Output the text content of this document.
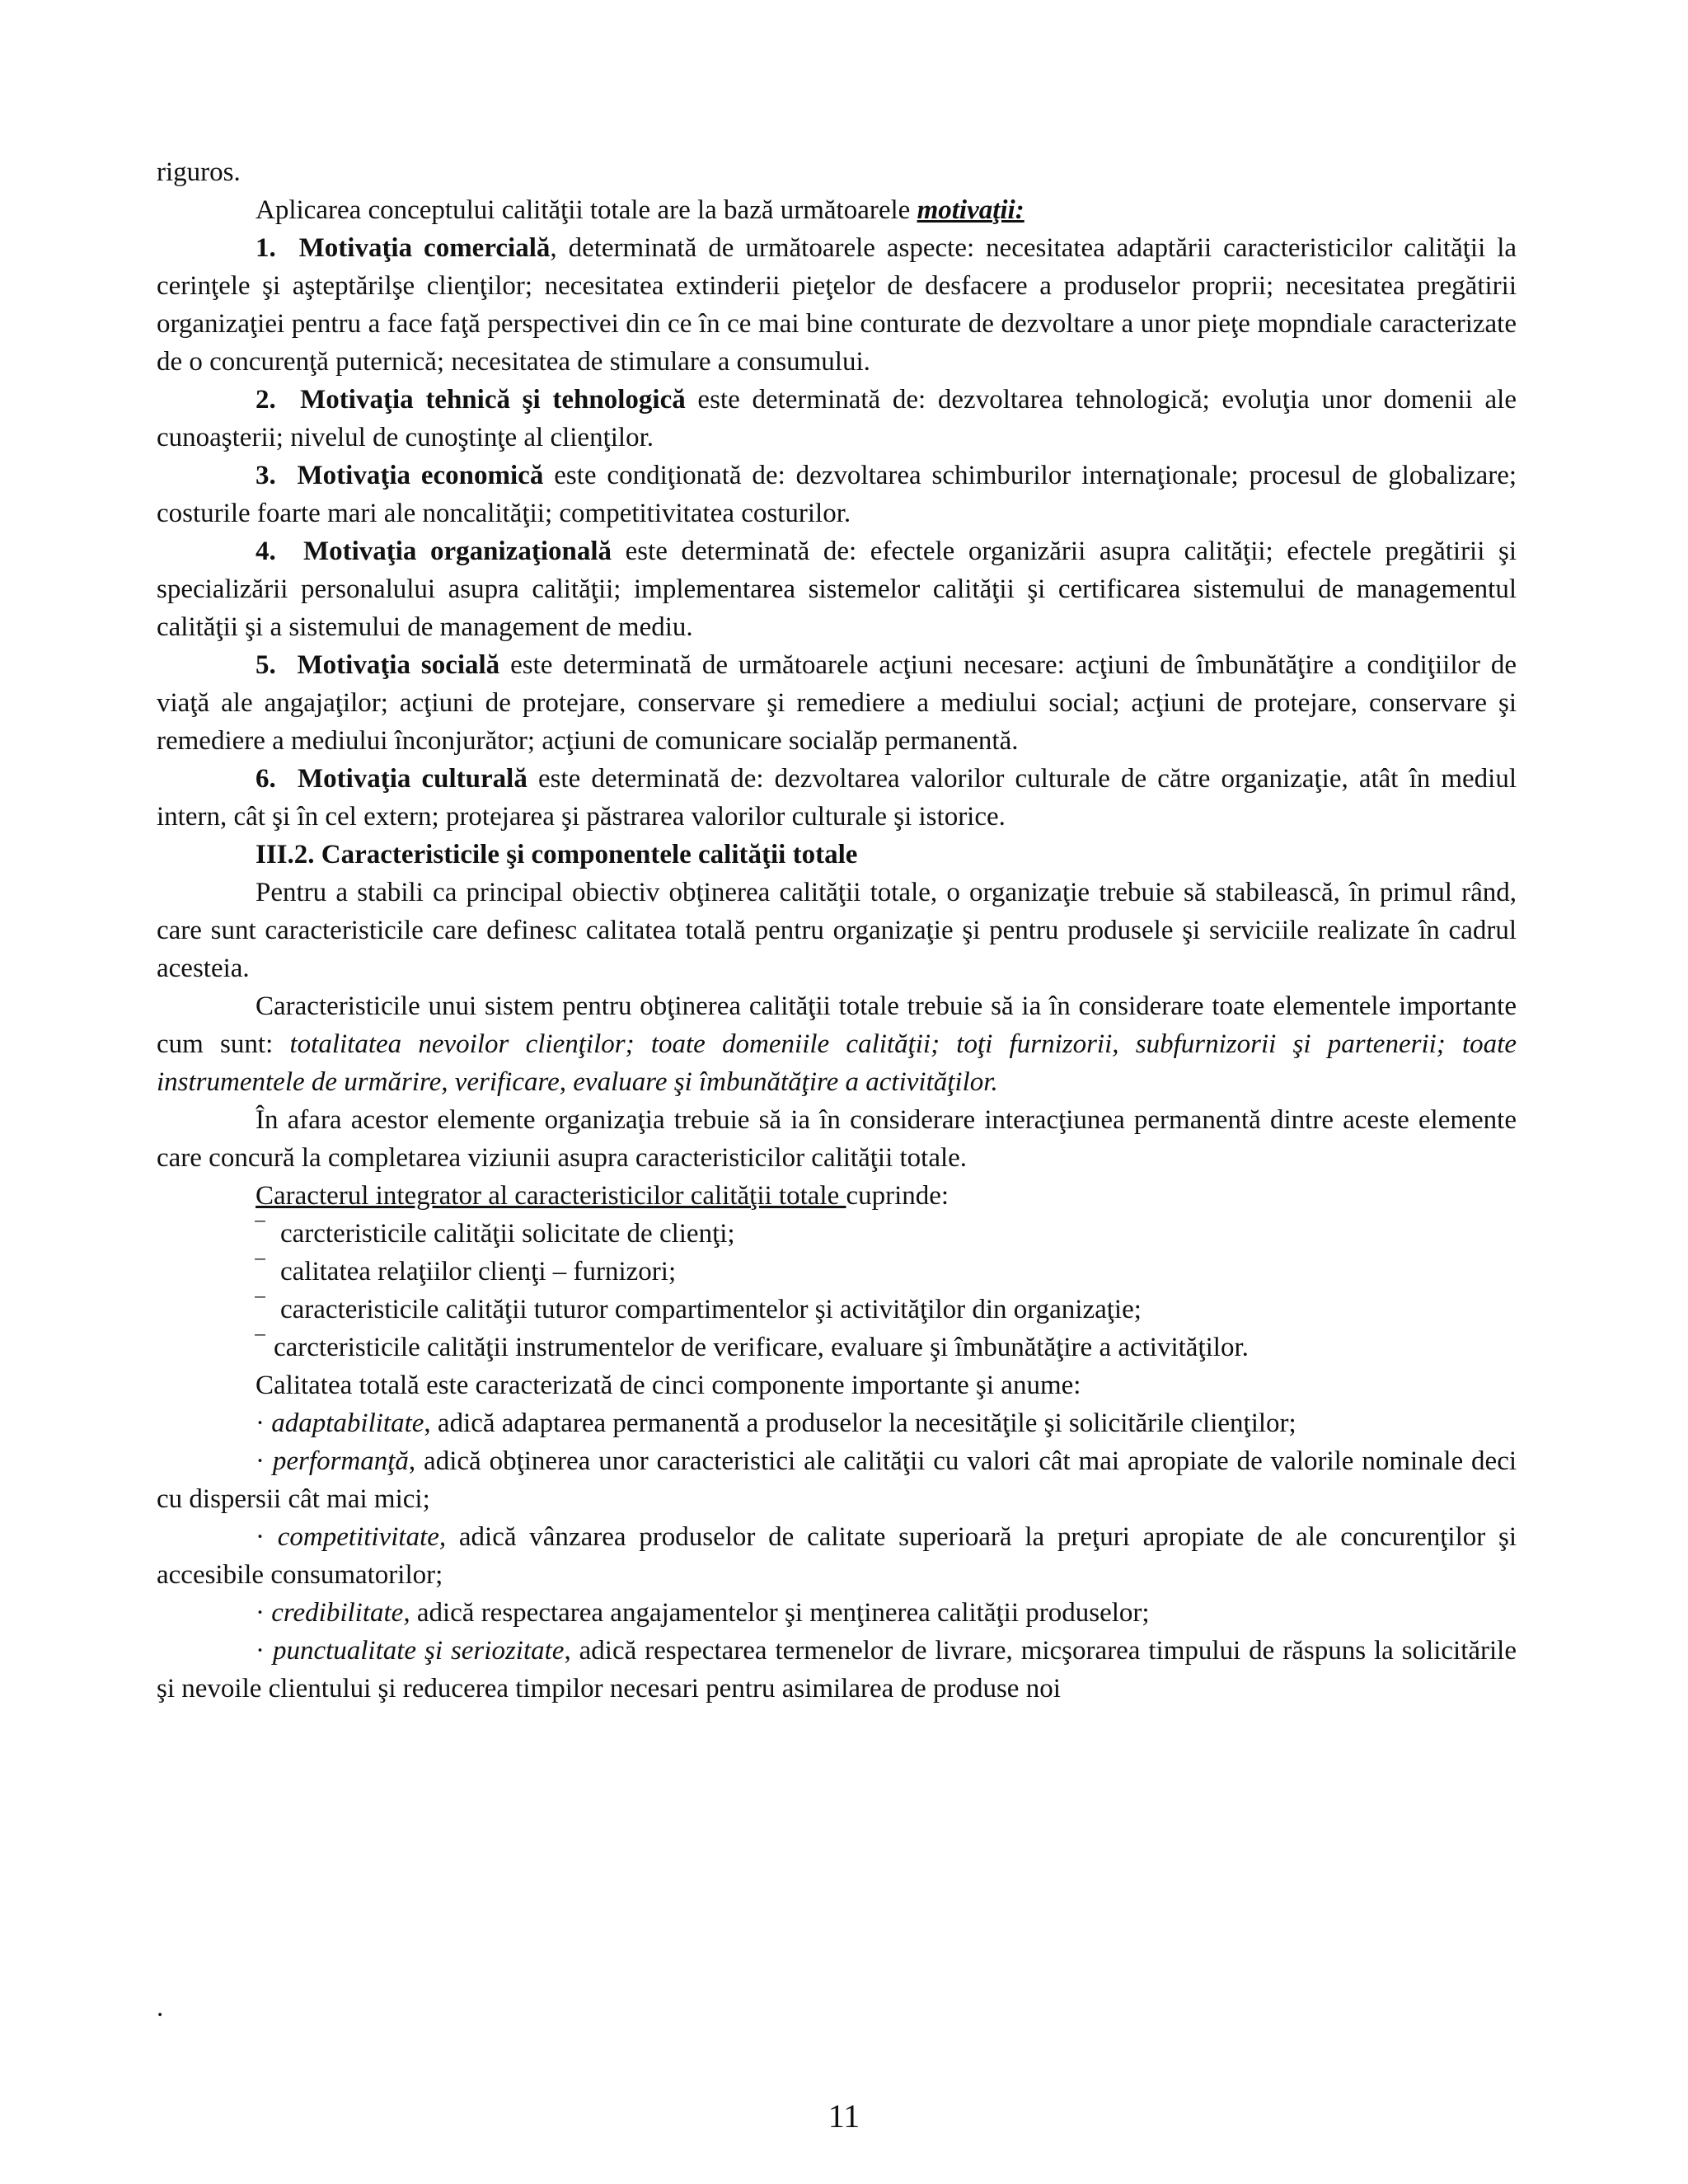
riguros.

Aplicarea conceptului calităţii totale are la bază următoarele motivaţii:

1. Motivaţia comercială, determinată de următoarele aspecte: necesitatea adaptării caracteristicilor calităţii la cerinţele şi aşteptărilşe clienţilor; necesitatea extinderii pieţelor de desfacere a produselor proprii; necesitatea pregătirii organizaţiei pentru a face faţă perspectivei din ce în ce mai bine conturate de dezvoltare a unor pieţe mopndiale caracterizate de o concurenţă puternică; necesitatea de stimulare a consumului.

2. Motivaţia tehnică şi tehnologică este determinată de: dezvoltarea tehnologică; evoluţia unor domenii ale cunoaşterii; nivelul de cunoştinţe al clienţilor.

3. Motivaţia economică este condiţionată de: dezvoltarea schimburilor internaţionale; procesul de globalizare; costurile foarte mari ale noncalităţii; competitivitatea costurilor.

4. Motivaţia organizaţională este determinată de: efectele organizării asupra calităţii; efectele pregătirii şi specializării personalului asupra calităţii; implementarea sistemelor calităţii şi certificarea sistemului de managementul calităţii şi a sistemului de management de mediu.

5. Motivaţia socială este determinată de următoarele acţiuni necesare: acţiuni de îmbunătăţire a condiţiilor de viaţă ale angajaţilor; acţiuni de protejare, conservare şi remediere a mediului social; acţiuni de protejare, conservare şi remediere a mediului înconjurător; acţiuni de comunicare socialăp permanentă.

6. Motivaţia culturală este determinată de: dezvoltarea valorilor culturale de către organizaţie, atât în mediul intern, cât şi în cel extern; protejarea şi păstrarea valorilor culturale şi istorice.

III.2. Caracteristicile şi componentele calităţii totale

Pentru a stabili ca principal obiectiv obţinerea calităţii totale, o organizaţie trebuie să stabilească, în primul rând, care sunt caracteristicile care definesc calitatea totală pentru organizaţie şi pentru produsele şi serviciile realizate în cadrul acesteia.

Caracteristicile unui sistem pentru obţinerea calităţii totale trebuie să ia în considerare toate elementele importante cum sunt: totalitatea nevoilor clienţilor; toate domeniile calităţii; toţi furnizorii, subfurnizorii şi partenerii; toate instrumentele de urmărire, verificare, evaluare şi îmbunătăţire a activităţilor.

În afara acestor elemente organizaţia trebuie să ia în considerare interacţiunea permanentă dintre aceste elemente care concură la completarea viziunii asupra caracteristicilor calităţii totale.

Caracterul integrator al caracteristicilor calităţii totale cuprinde:

‾ carcteristicile calităţii solicitate de clienţi;

‾ calitatea relaţiilor clienţi – furnizori;

‾ caracteristicile calităţii tuturor compartimentelor şi activităţilor din organizaţie;

‾ carcteristicile calităţii instrumentelor de verificare, evaluare şi îmbunătăţire a activităţilor.

Calitatea totală este caracterizată de cinci componente importante şi anume:

· adaptabilitate, adică adaptarea permanentă a produselor la necesităţile şi solicitările clienţilor;

· performanţă, adică obţinerea unor caracteristici ale calităţii cu valori cât mai apropiate de valorile nominale deci cu dispersii cât mai mici;

· competitivitate, adică vânzarea produselor de calitate superioară la preţuri apropiate de ale concurenţilor şi accesibile consumatorilor;

· credibilitate, adică respectarea angajamentelor şi menţinerea calităţii produselor;

· punctualitate şi seriozitate, adică respectarea termenelor de livrare, micşorarea timpului de răspuns la solicitările şi nevoile clientului şi reducerea timpilor necesari pentru asimilarea de produse noi

.
11
